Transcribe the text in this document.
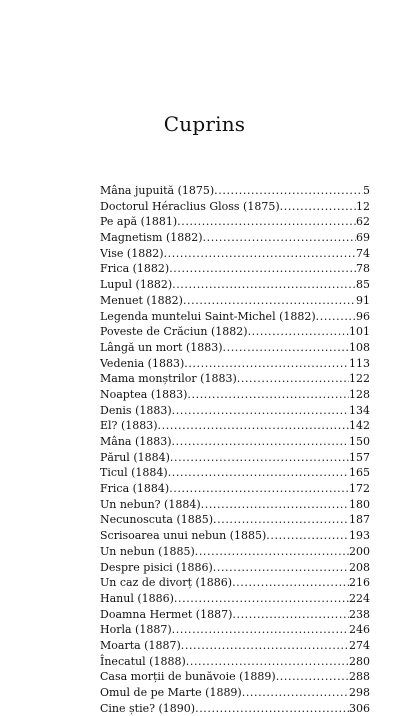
Cuprins
Mâna jupuită (1875) .....	5
Doctorul Héraclius Gloss (1875) .....	12
Pe apă (1881) .....	62
Magnetism (1882) .....	69
Vise (1882) .....	74
Frica (1882) .....	78
Lupul (1882) .....	85
Menuet (1882) .....	91
Legenda muntelui Saint-Michel (1882) .....	96
Poveste de Crăciun (1882) .....	101
Lângă un mort (1883) .....	108
Vedenia (1883) .....	113
Mama monștrilor (1883) .....	122
Noaptea (1883) .....	128
Denis (1883) .....	134
El? (1883) .....	142
Mâna (1883) .....	150
Părul (1884) .....	157
Ticul (1884) .....	165
Frica (1884) .....	172
Un nebun? (1884) .....	180
Necunoscuta (1885) .....	187
Scrisoarea unui nebun (1885) .....	193
Un nebun (1885) .....	200
Despre pisici (1886) .....	208
Un caz de divorț (1886) .....	216
Hanul (1886) .....	224
Doamna Hermet (1887) .....	238
Horla (1887) .....	246
Moarta (1887) .....	274
Înecatul (1888) .....	280
Casa morții de bunăvoie (1889) .....	288
Omul de pe Marte (1889) .....	298
Cine știe? (1890) .....	306
